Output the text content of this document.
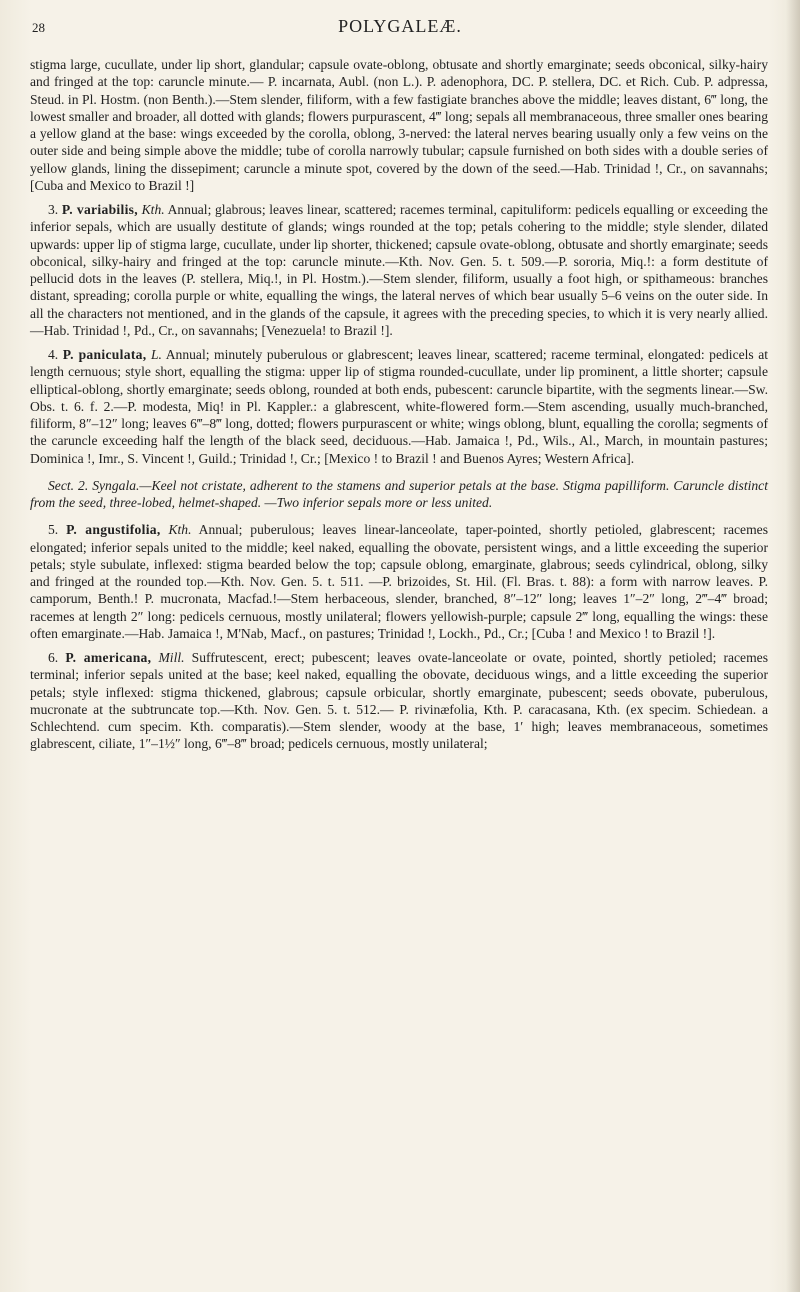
28	POLYGALEÆ.

stigma large, cucullate, under lip short, glandular; capsule ovate-oblong, obtusate and shortly emarginate; seeds obconical, silky-hairy and fringed at the top: caruncle minute.— P. incarnata, Aubl. (non L.). P. adenophora, DC. P. stellera, DC. et Rich. Cub. P. adpressa, Steud. in Pl. Hostm. (non Benth.).—Stem slender, filiform, with a few fastigiate branches above the middle; leaves distant, 6‴ long, the lowest smaller and broader, all dotted with glands; flowers purpurascent, 4‴ long; sepals all membranaceous, three smaller ones bearing a yellow gland at the base: wings exceeded by the corolla, oblong, 3-nerved: the lateral nerves bearing usually only a few veins on the outer side and being simple above the middle; tube of corolla narrowly tubular; capsule furnished on both sides with a double series of yellow glands, lining the dissepiment; caruncle a minute spot, covered by the down of the seed.—Hab. Trinidad !, Cr., on savannahs; [Cuba and Mexico to Brazil !]

3. P. variabilis, Kth. Annual; glabrous; leaves linear, scattered; racemes terminal, capituliform: pedicels equalling or exceeding the inferior sepals, which are usually destitute of glands; wings rounded at the top; petals cohering to the middle; style slender, dilated upwards: upper lip of stigma large, cucullate, under lip shorter, thickened; capsule ovate-oblong, obtusate and shortly emarginate; seeds obconical, silky-hairy and fringed at the top: caruncle minute.—Kth. Nov. Gen. 5. t. 509.—P. sororia, Miq.!: a form destitute of pellucid dots in the leaves (P. stellera, Miq.!, in Pl. Hostm.).—Stem slender, filiform, usually a foot high, or spithameous: branches distant, spreading; corolla purple or white, equalling the wings, the lateral nerves of which bear usually 5–6 veins on the outer side. In all the characters not mentioned, and in the glands of the capsule, it agrees with the preceding species, to which it is very nearly allied.—Hab. Trinidad !, Pd., Cr., on savannahs; [Venezuela! to Brazil !].

4. P. paniculata, L. Annual; minutely puberulous or glabrescent; leaves linear, scattered; raceme terminal, elongated: pedicels at length cernuous; style short, equalling the stigma: upper lip of stigma rounded-cucullate, under lip prominent, a little shorter; capsule elliptical-oblong, shortly emarginate; seeds oblong, rounded at both ends, pubescent: caruncle bipartite, with the segments linear.—Sw. Obs. t. 6. f. 2.—P. modesta, Miq! in Pl. Kappler.: a glabrescent, white-flowered form.—Stem ascending, usually much-branched, filiform, 8″–12″ long; leaves 6‴–8‴ long, dotted; flowers purpurascent or white; wings oblong, blunt, equalling the corolla; segments of the caruncle exceeding half the length of the black seed, deciduous.—Hab. Jamaica !, Pd., Wils., Al., March, in mountain pastures; Dominica !, Imr., S. Vincent !, Guild.; Trinidad !, Cr.; [Mexico ! to Brazil ! and Buenos Ayres; Western Africa].

Sect. 2. Syngala.—Keel not cristate, adherent to the stamens and superior petals at the base. Stigma papilliform. Caruncle distinct from the seed, three-lobed, helmet-shaped. —Two inferior sepals more or less united.

5. P. angustifolia, Kth. Annual; puberulous; leaves linear-lanceolate, taper-pointed, shortly petioled, glabrescent; racemes elongated; inferior sepals united to the middle; keel naked, equalling the obovate, persistent wings, and a little exceeding the superior petals; style subulate, inflexed: stigma bearded below the top; capsule oblong, emarginate, glabrous; seeds cylindrical, oblong, silky and fringed at the rounded top.—Kth. Nov. Gen. 5. t. 511. —P. brizoides, St. Hil. (Fl. Bras. t. 88): a form with narrow leaves. P. camporum, Benth.! P. mucronata, Macfad.!—Stem herbaceous, slender, branched, 8″–12″ long; leaves 1″–2″ long, 2‴–4‴ broad; racemes at length 2″ long: pedicels cernuous, mostly unilateral; flowers yellowish-purple; capsule 2‴ long, equalling the wings: these often emarginate.—Hab. Jamaica !, M'Nab, Macf., on pastures; Trinidad !, Lockh., Pd., Cr.; [Cuba ! and Mexico ! to Brazil !].

6. P. americana, Mill. Suffrutescent, erect; pubescent; leaves ovate-lanceolate or ovate, pointed, shortly petioled; racemes terminal; inferior sepals united at the base; keel naked, equalling the obovate, deciduous wings, and a little exceeding the superior petals; style inflexed: stigma thickened, glabrous; capsule orbicular, shortly emarginate, pubescent; seeds obovate, puberulous, mucronate at the subtruncate top.—Kth. Nov. Gen. 5. t. 512.— P. rivinæfolia, Kth. P. caracasana, Kth. (ex specim. Schiedean. a Schlechtend. cum specim. Kth. comparatis).—Stem slender, woody at the base, 1′ high; leaves membranaceous, sometimes glabrescent, ciliate, 1″–1½″ long, 6‴–8‴ broad; pedicels cernuous, mostly unilateral;
